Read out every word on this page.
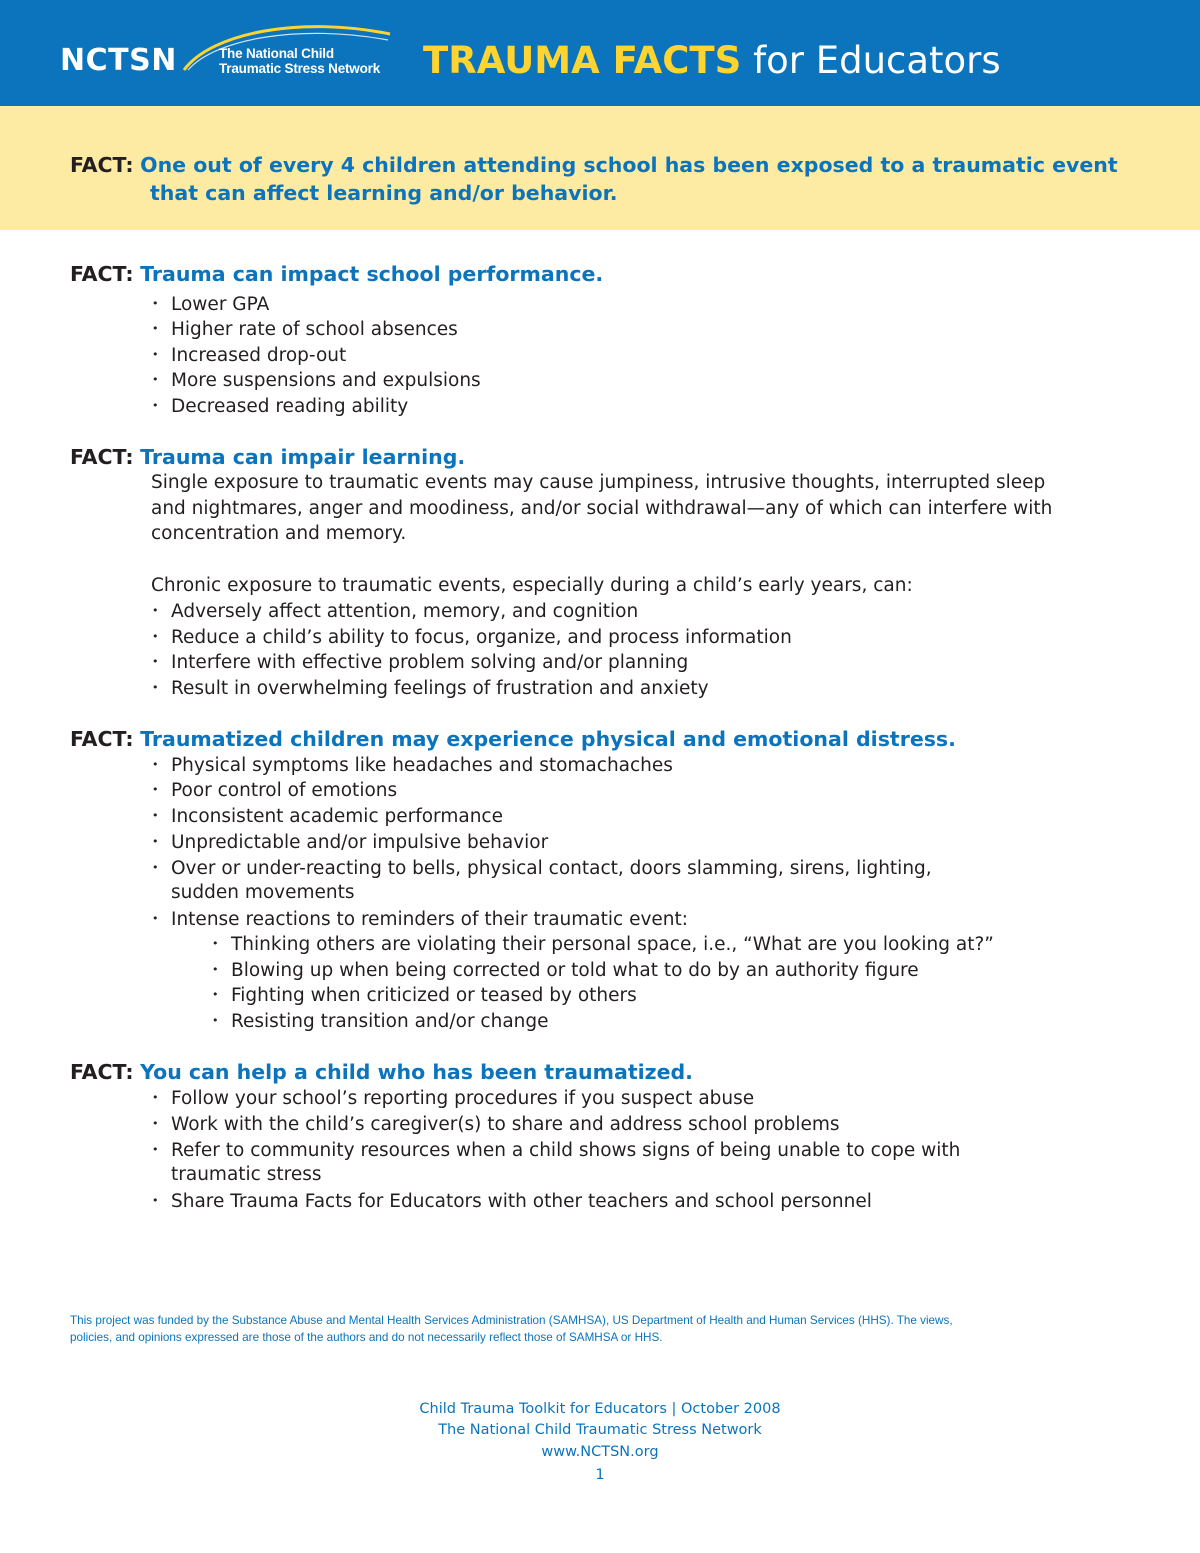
NCTSN	The National Child
Traumatic Stress Network TRAUMA FACTS for Educators
FACT: One out of every 4 children attending school has been exposed to a traumatic event
that can affect learning and/or behavior.
FACT: Trauma can impact school performance.
• Lower GPA
• Higher rate of school absences
• Increased drop-out
• More suspensions and expulsions
• Decreased reading ability
FACT: Trauma can impair learning.
Single exposure to traumatic events may cause jumpiness, intrusive thoughts, interrupted sleep
and nightmares, anger and moodiness, and/or social withdrawal—any of which can interfere with
concentration and memory.
Chronic exposure to traumatic events, especially during a child’s early years, can:
• Adversely affect attention, memory, and cognition
• Reduce a child’s ability to focus, organize, and process information
• Interfere with effective problem solving and/or planning
• Result in overwhelming feelings of frustration and anxiety
FACT: Traumatized children may experience physical and emotional distress.
• Physical symptoms like headaches and stomachaches
• Poor control of emotions
• Inconsistent academic performance
• Unpredictable and/or impulsive behavior
• Over or under-reacting to bells, physical contact, doors slamming, sirens, lighting,
sudden movements
• Intense reactions to reminders of their traumatic event:
• Thinking others are violating their personal space, i.e., “What are you looking at?”
• Blowing up when being corrected or told what to do by an authority figure
• Fighting when criticized or teased by others
• Resisting transition and/or change
FACT: You can help a child who has been traumatized.
• Follow your school’s reporting procedures if you suspect abuse
• Work with the child’s caregiver(s) to share and address school problems
• Refer to community resources when a child shows signs of being unable to cope with
traumatic stress
• Share Trauma Facts for Educators with other teachers and school personnel
This project was funded by the Substance Abuse and Mental Health Services Administration (SAMHSA), US Department of Health and Human Services (HHS). The views,
policies, and opinions expressed are those of the authors and do not necessarily reflect those of SAMHSA or HHS.
Child Trauma Toolkit for Educators | October 2008
The National Child Traumatic Stress Network
www.NCTSN.org
1
